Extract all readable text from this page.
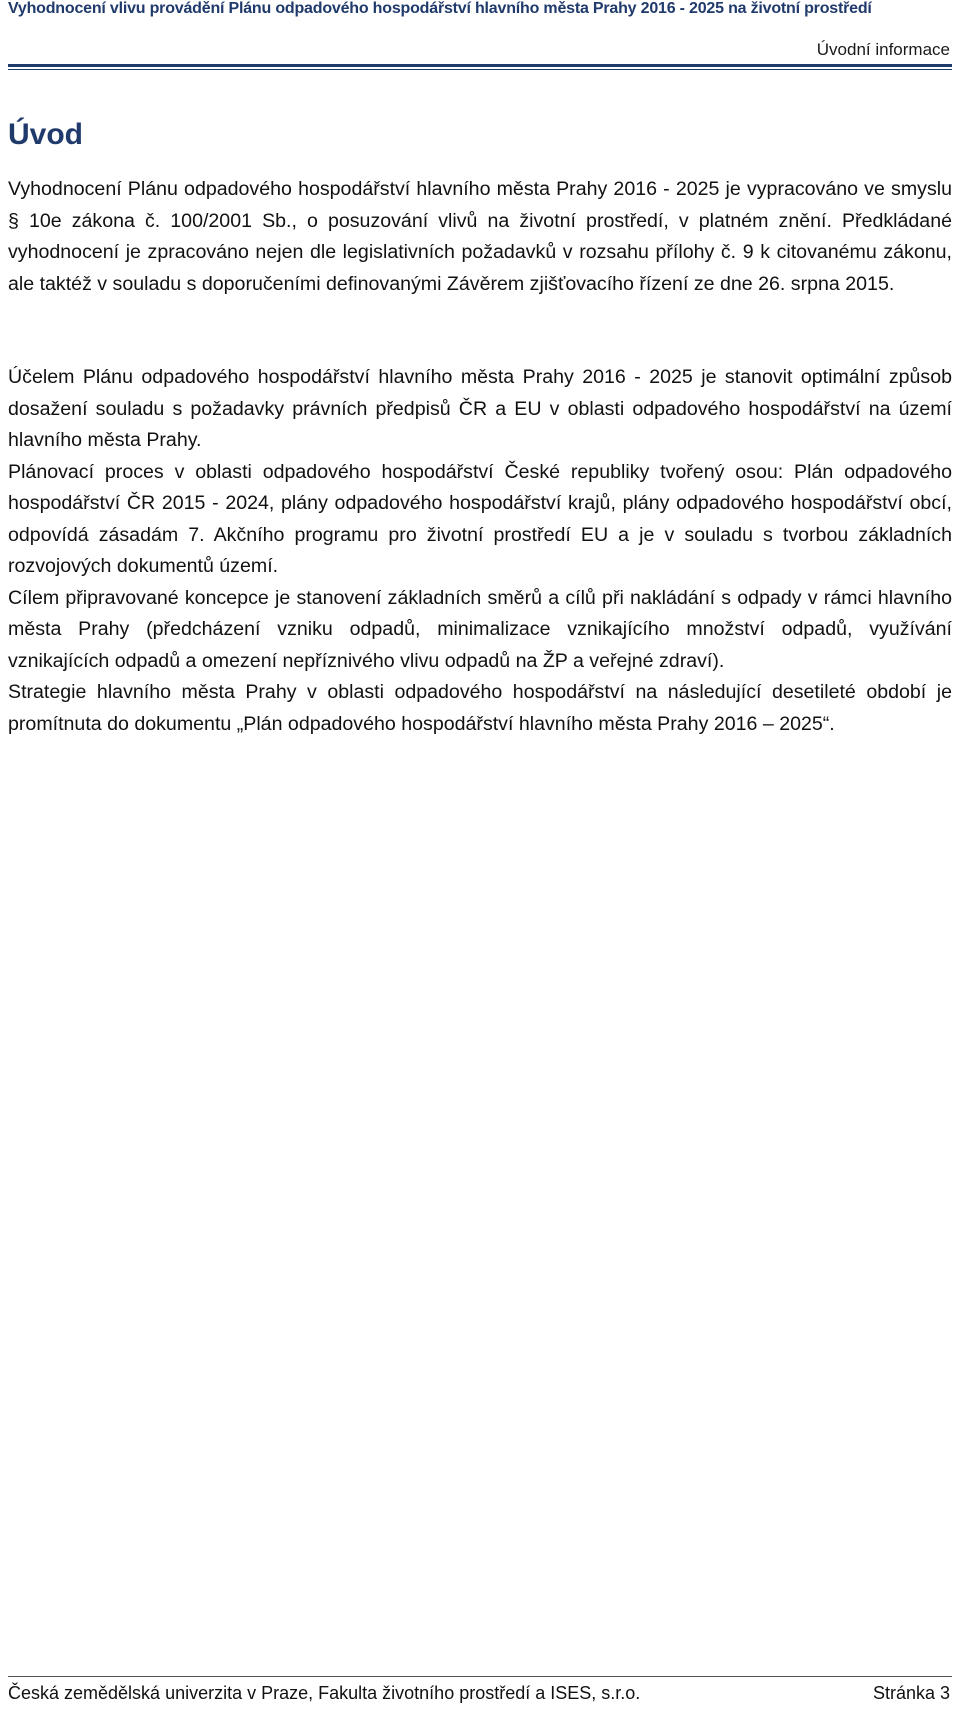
Vyhodnocení vlivu provádění Plánu odpadového hospodářství hlavního města Prahy 2016 - 2025 na životní prostředí
Úvodní informace
Úvod

Vyhodnocení Plánu odpadového hospodářství hlavního města Prahy 2016 - 2025 je vypracováno ve smyslu § 10e zákona č. 100/2001 Sb., o posuzování vlivů na životní prostředí, v platném znění. Předkládané vyhodnocení je zpracováno nejen dle legislativních požadavků v rozsahu přílohy č. 9 k citovanému zákonu, ale taktéž v souladu s doporučeními definovanými Závěrem zjišťovacího řízení ze dne 26. srpna 2015.

Účelem Plánu odpadového hospodářství hlavního města Prahy 2016 - 2025 je stanovit optimální způsob dosažení souladu s požadavky právních předpisů ČR a EU v oblasti odpadového hospodářství na území hlavního města Prahy.

Plánovací proces v oblasti odpadového hospodářství České republiky tvořený osou: Plán odpadového hospodářství ČR 2015 - 2024, plány odpadového hospodářství krajů, plány odpadového hospodářství obcí, odpovídá zásadám 7. Akčního programu pro životní prostředí EU a je v souladu s tvorbou základních rozvojových dokumentů území.

Cílem připravované koncepce je stanovení základních směrů a cílů při nakládání s odpady v rámci hlavního města Prahy (předcházení vzniku odpadů, minimalizace vznikajícího množství odpadů, využívání vznikajících odpadů a omezení nepříznivého vlivu odpadů na ŽP a veřejné zdraví).

Strategie hlavního města Prahy v oblasti odpadového hospodářství na následující desetileté období je promítnuta do dokumentu „Plán odpadového hospodářství hlavního města Prahy 2016 – 2025“.

Česká zemědělská univerzita v Praze, Fakulta životního prostředí a ISES, s.r.o.	Stránka 3
